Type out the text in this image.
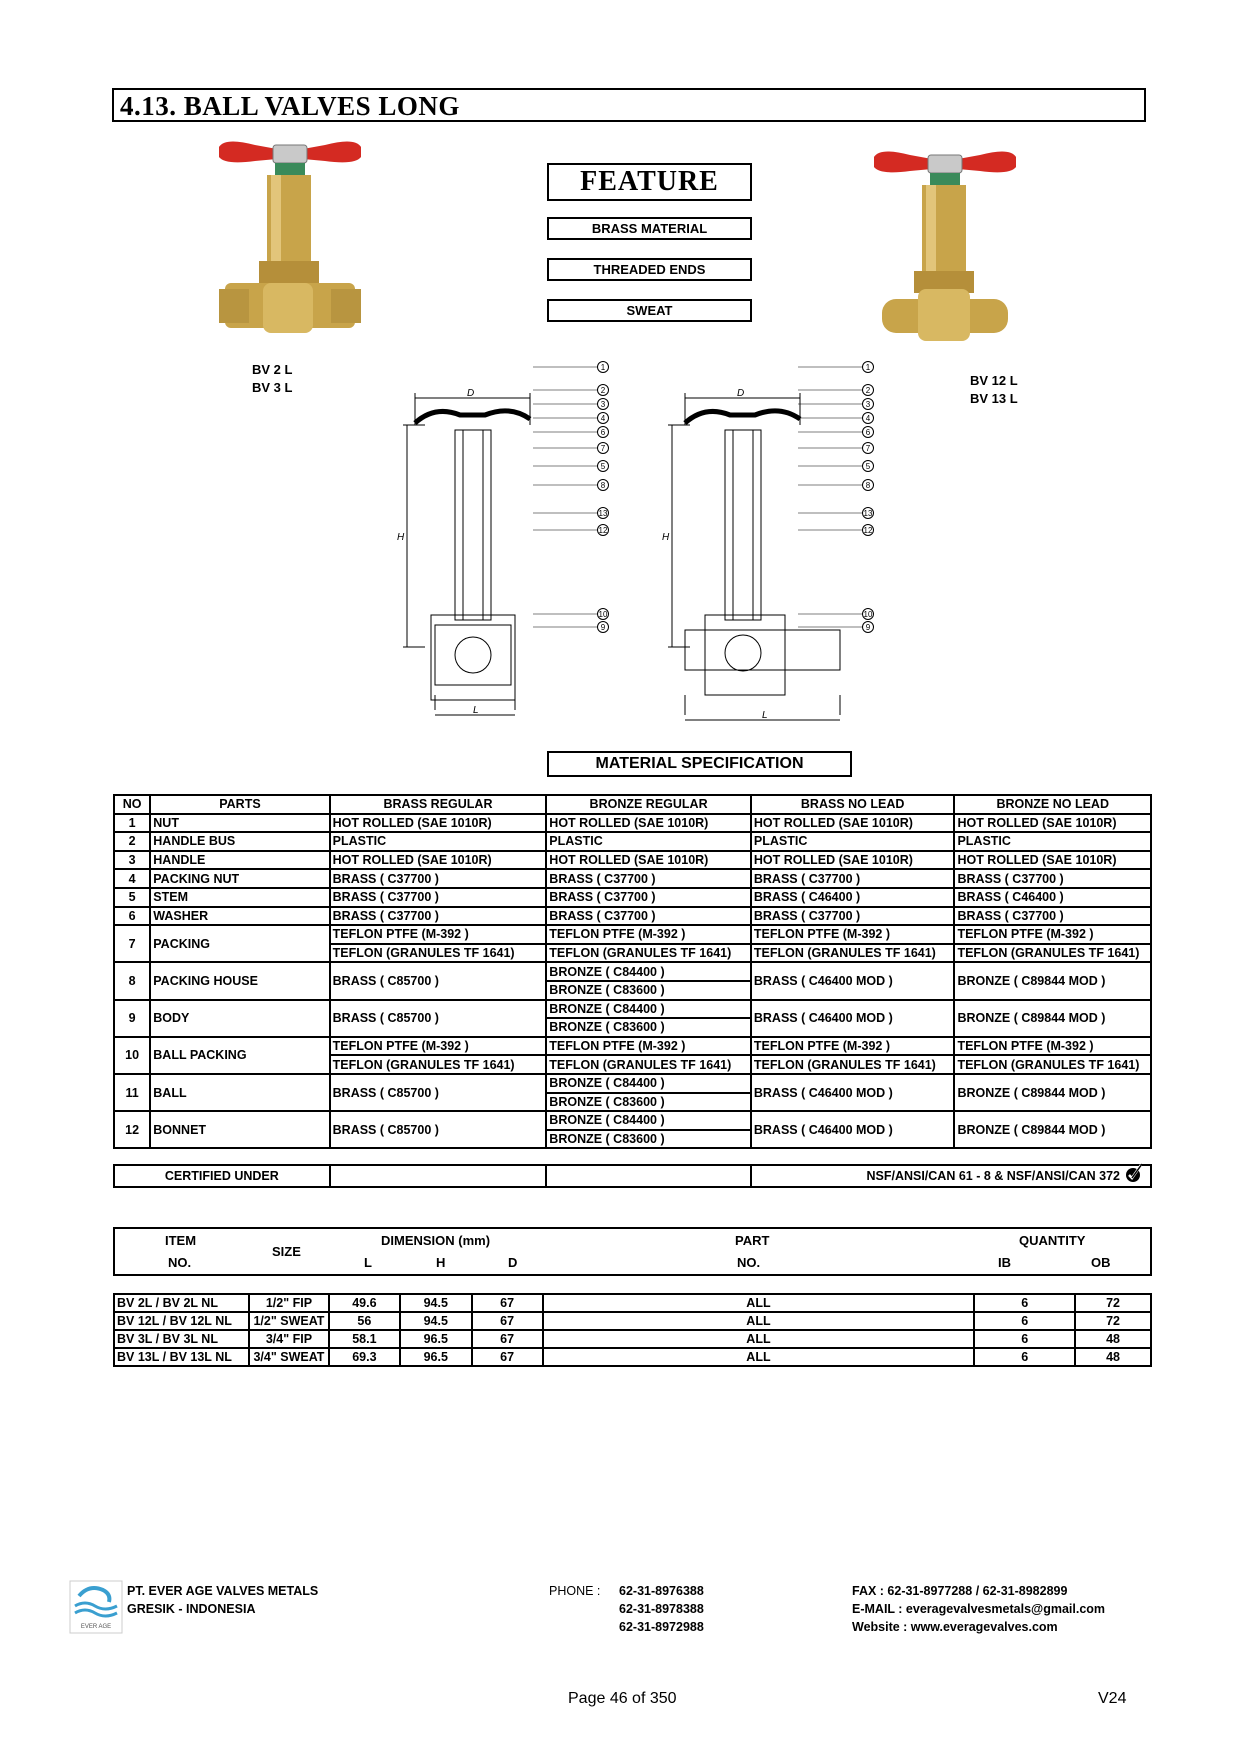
4.13. BALL VALVES LONG
FEATURE
BRASS MATERIAL
THREADED ENDS
SWEAT
BV 2 L
BV 3 L	BV 12 L
BV 13 L
D
H
L
1
2
3
4
6
7
5
8
13
12
10
9
D
H
L
1
2
3
4
6
7
5
8
13
12
10
9
MATERIAL SPECIFICATION
NO	PARTS	BRASS REGULAR	BRONZE REGULAR	BRASS NO LEAD	BRONZE NO LEAD
1	NUT	HOT ROLLED (SAE 1010R)	HOT ROLLED (SAE 1010R)	HOT ROLLED (SAE 1010R)	HOT ROLLED (SAE 1010R)
2	HANDLE BUS	PLASTIC	PLASTIC	PLASTIC	PLASTIC
3	HANDLE	HOT ROLLED (SAE 1010R)	HOT ROLLED (SAE 1010R)	HOT ROLLED (SAE 1010R)	HOT ROLLED (SAE 1010R)
4	PACKING NUT	BRASS ( C37700 )	BRASS ( C37700 )	BRASS ( C37700 )	BRASS ( C37700 )
5	STEM	BRASS ( C37700 )	BRASS ( C37700 )	BRASS ( C46400 )	BRASS ( C46400 )
6	WASHER	BRASS ( C37700 )	BRASS ( C37700 )	BRASS ( C37700 )	BRASS ( C37700 )
7	PACKING	TEFLON PTFE (M-392 )	TEFLON PTFE (M-392 )	TEFLON PTFE (M-392 )	TEFLON PTFE (M-392 )
		TEFLON (GRANULES TF 1641)	TEFLON (GRANULES TF 1641)	TEFLON (GRANULES TF 1641)	TEFLON (GRANULES TF 1641)
8	PACKING HOUSE	BRASS ( C85700 )	BRONZE ( C84400 )	BRASS ( C46400 MOD )	BRONZE ( C89844 MOD )
			BRONZE ( C83600 )		
9	BODY	BRASS ( C85700 )	BRONZE ( C84400 )	BRASS ( C46400 MOD )	BRONZE ( C89844 MOD )
			BRONZE ( C83600 )		
10	BALL PACKING	TEFLON PTFE (M-392 )	TEFLON PTFE (M-392 )	TEFLON PTFE (M-392 )	TEFLON PTFE (M-392 )
		TEFLON (GRANULES TF 1641)	TEFLON (GRANULES TF 1641)	TEFLON (GRANULES TF 1641)	TEFLON (GRANULES TF 1641)
11	BALL	BRASS ( C85700 )	BRONZE ( C84400 )	BRASS ( C46400 MOD )	BRONZE ( C89844 MOD )
			BRONZE ( C83600 )		
12	BONNET	BRASS ( C85700 )	BRONZE ( C84400 )	BRASS ( C46400 MOD )	BRONZE ( C89844 MOD )
			BRONZE ( C83600 )		
CERTIFIED UNDER			NSF/ANSI/CAN 61 - 8 & NSF/ANSI/CAN 372
ITEM
NO.
SIZE
DIMENSION (mm)
L	H	D
PART
NO.
QUANTITY
IB	OB
BV 2L / BV 2L NL	1/2" FIP	49.6	94.5	67	ALL	6	72
BV 12L / BV 12L NL	1/2" SWEAT	56	94.5	67	ALL	6	72
BV 3L / BV 3L NL	3/4" FIP	58.1	96.5	67	ALL	6	48
BV 13L / BV 13L NL	3/4" SWEAT	69.3	96.5	67	ALL	6	48
EVER AGE
PT. EVER AGE VALVES METALS
GRESIK - INDONESIA
PHONE : 62-31-8976388
62-31-8978388
62-31-8972988
FAX : 62-31-8977288 / 62-31-8982899
E-MAIL : everagevalvesmetals@gmail.com
Website : www.everagevalves.com
Page 46 of 350	V24
